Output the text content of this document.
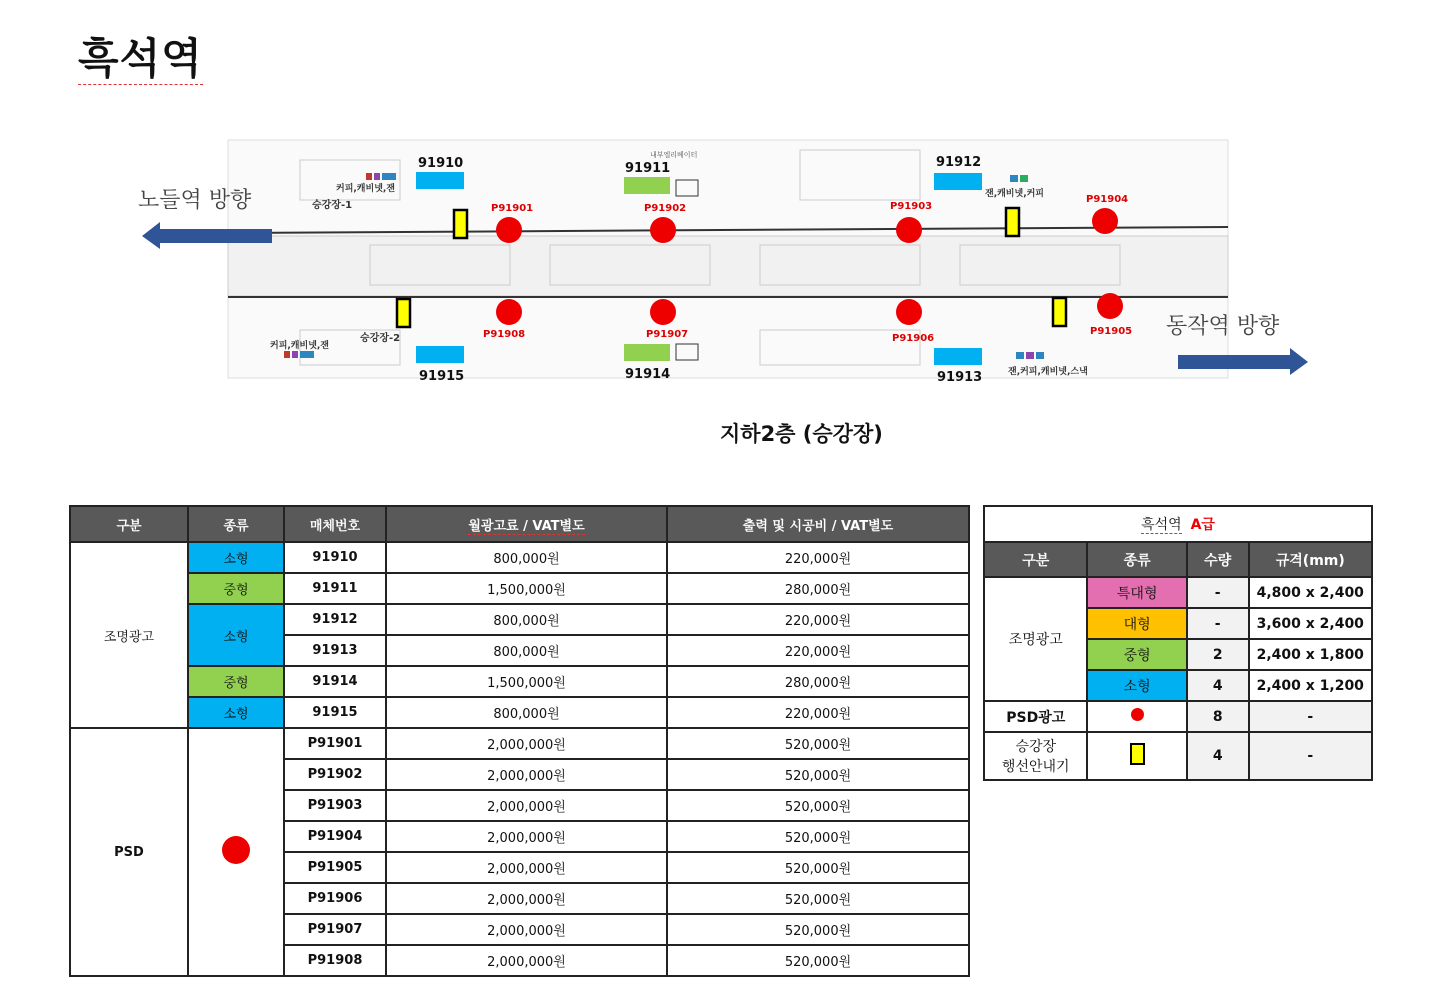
흑석역
노들역 방향
동작역 방향
승강장-1
승강장-2
커피,캐비넷,잰	잰,캐비넷,커피
커피,캐비넷,잰
잰,커피,캐비넷,스낵
내부엘리베이터
91910	91911	91912
91915	91914	91913
P91901	P91902	P91903
P91904
P91905
P91906
P91907
P91908
지하2층 (승강장)
구분	종류	매체번호	월광고료 / VAT별도	출력 및 시공비 / VAT별도
조명광고	소형	91910	800,000원	220,000원
	중형	91911	1,500,000원	280,000원
	소형	91912	800,000원	220,000원
		91913	800,000원	220,000원
	중형	91914	1,500,000원	280,000원
	소형	91915	800,000원	220,000원
PSD		P91901	2,000,000원	520,000원
		P91902	2,000,000원	520,000원
		P91903	2,000,000원	520,000원
		P91904	2,000,000원	520,000원
		P91905	2,000,000원	520,000원
		P91906	2,000,000원	520,000원
		P91907	2,000,000원	520,000원
		P91908	2,000,000원	520,000원
흑석역 A급			
구분	종류	수량	규격(mm)
조명광고	특대형	-	4,800 x 2,400
	대형	-	3,600 x 2,400
	중형	2	2,400 x 1,800
	소형	4	2,400 x 1,200
PSD광고		8	-
승강장
행선안내기		4	-
